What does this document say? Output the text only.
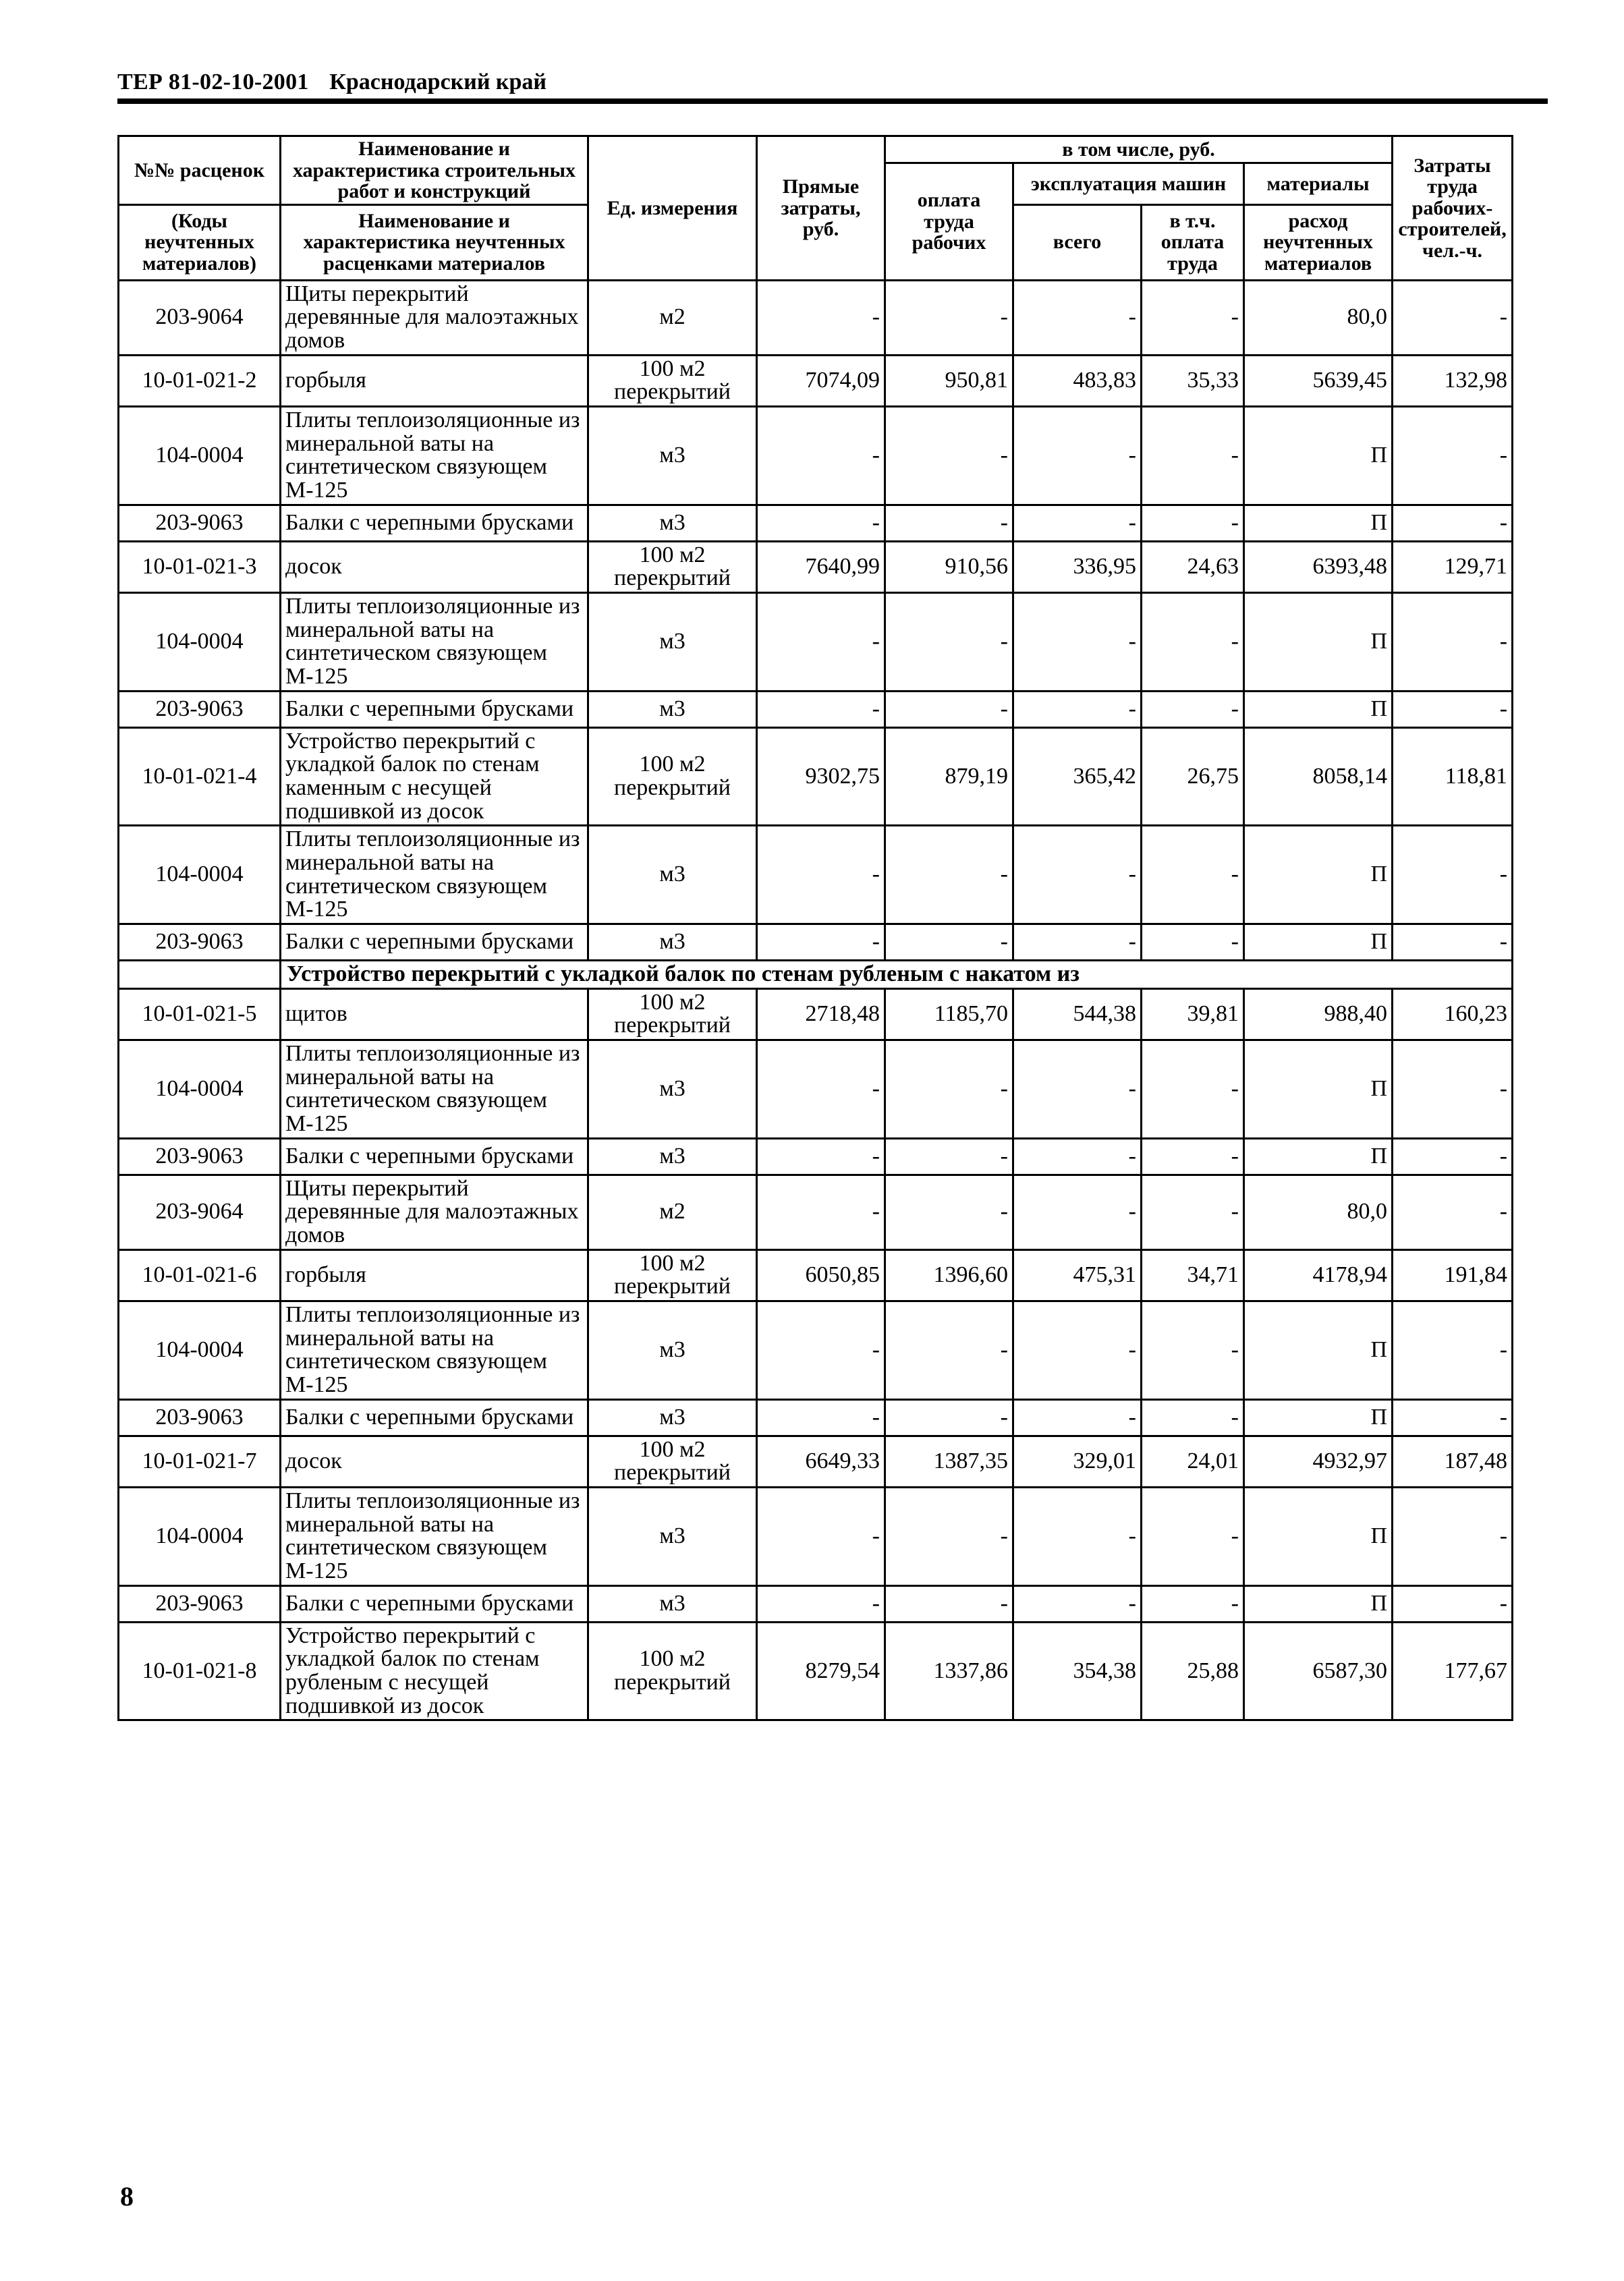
ТЕР 81-02-10-2001 Краснодарский край
№№ расценок	Наименование и характеристика строительных работ и конструкций	Ед. измерения	Прямые затраты, руб.	в том числе, руб.				Затраты труда рабочих-строителей, чел.-ч.
				оплата труда рабочих	эксплуатация машин		материалы	
(Коды неучтенных материалов)	Наименование и характеристика неучтенных расценками материалов				всего	в т.ч. оплата труда	расход неучтенных материалов	

203-9064	Щиты перекрытий деревянные для малоэтажных домов	м2	-	-	-	-	80,0	-
10-01-021-2	горбыля	100 м2 перекрытий	7074,09	950,81	483,83	35,33	5639,45	132,98
104-0004	Плиты теплоизоляционные из минеральной ваты на синтетическом связующем М-125	м3	-	-	-	-	П	-
203-9063	Балки с черепными брусками	м3	-	-	-	-	П	-
10-01-021-3	досок	100 м2 перекрытий	7640,99	910,56	336,95	24,63	6393,48	129,71
104-0004	Плиты теплоизоляционные из минеральной ваты на синтетическом связующем М-125	м3	-	-	-	-	П	-
203-9063	Балки с черепными брусками	м3	-	-	-	-	П	-
10-01-021-4	Устройство перекрытий с укладкой балок по стенам каменным с несущей подшивкой из досок	100 м2 перекрытий	9302,75	879,19	365,42	26,75	8058,14	118,81
104-0004	Плиты теплоизоляционные из минеральной ваты на синтетическом связующем М-125	м3	-	-	-	-	П	-
203-9063	Балки с черепными брусками	м3	-	-	-	-	П	-
	Устройство перекрытий с укладкой балок по стенам рубленым с накатом из							
10-01-021-5	щитов	100 м2 перекрытий	2718,48	1185,70	544,38	39,81	988,40	160,23
104-0004	Плиты теплоизоляционные из минеральной ваты на синтетическом связующем М-125	м3	-	-	-	-	П	-
203-9063	Балки с черепными брусками	м3	-	-	-	-	П	-
203-9064	Щиты перекрытий деревянные для малоэтажных домов	м2	-	-	-	-	80,0	-
10-01-021-6	горбыля	100 м2 перекрытий	6050,85	1396,60	475,31	34,71	4178,94	191,84
104-0004	Плиты теплоизоляционные из минеральной ваты на синтетическом связующем М-125	м3	-	-	-	-	П	-
203-9063	Балки с черепными брусками	м3	-	-	-	-	П	-
10-01-021-7	досок	100 м2 перекрытий	6649,33	1387,35	329,01	24,01	4932,97	187,48
104-0004	Плиты теплоизоляционные из минеральной ваты на синтетическом связующем М-125	м3	-	-	-	-	П	-
203-9063	Балки с черепными брусками	м3	-	-	-	-	П	-
10-01-021-8	Устройство перекрытий с укладкой балок по стенам рубленым с несущей подшивкой из досок	100 м2 перекрытий	8279,54	1337,86	354,38	25,88	6587,30	177,67
8
